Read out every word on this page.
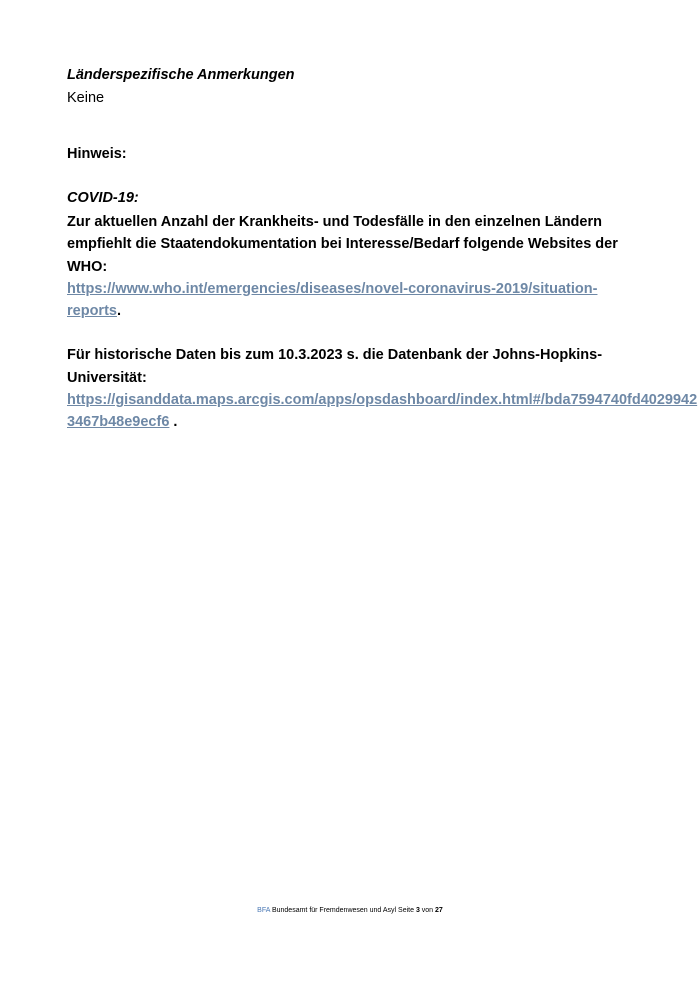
Länderspezifische Anmerkungen

Keine

Hinweis:

COVID-19:

Zur aktuellen Anzahl der Krankheits- und Todesfälle in den einzelnen Ländern empfiehlt die Staatendokumentation bei Interesse/Bedarf folgende Websites der WHO:
https://www.who.int/emergencies/diseases/novel-coronavirus-2019/situation-reports.

Für historische Daten bis zum 10.3.2023 s. die Datenbank der Johns-Hopkins-Universität:
https://gisanddata.maps.arcgis.com/apps/opsdashboard/index.html#/bda7594740fd4029942
3467b48e9ecf6 .

BFA Bundesamt für Fremdenwesen und Asyl Seite 3 von 27
